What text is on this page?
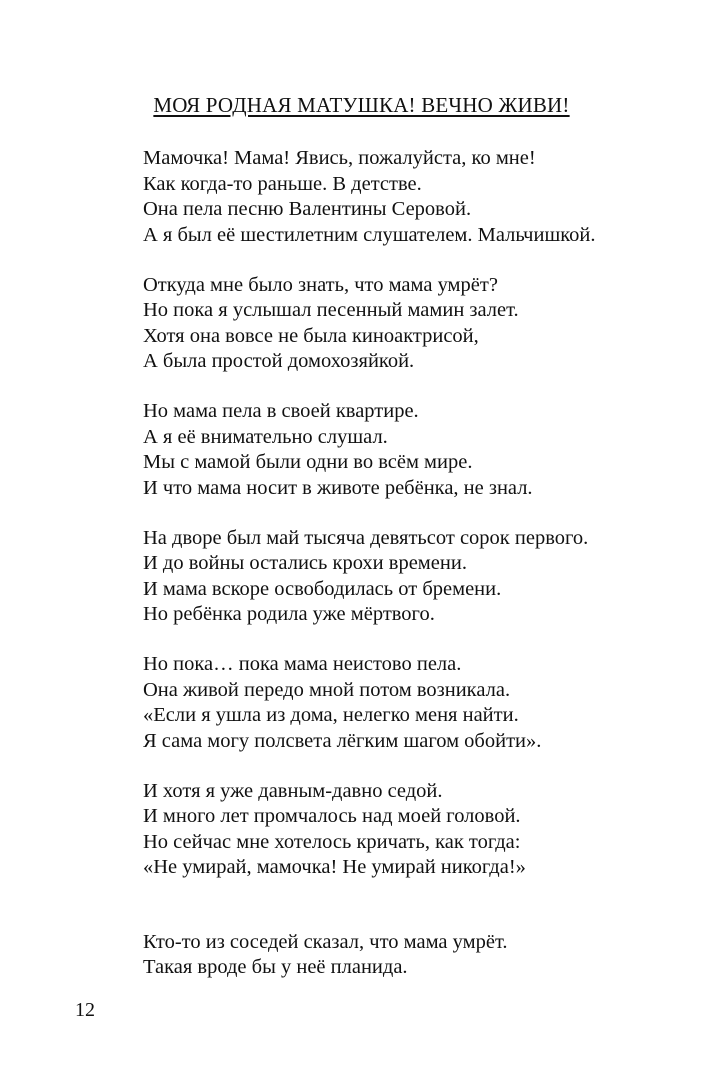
МОЯ РОДНАЯ МАТУШКА! ВЕЧНО ЖИВИ!
Мамочка! Мама! Явись, пожалуйста, ко мне!
Как когда-то раньше. В детстве.
Она пела песню Валентины Серовой.
А я был её шестилетним слушателем. Мальчишкой.
Откуда мне было знать, что мама умрёт?
Но пока я услышал песенный мамин залет.
Хотя она вовсе не была киноактрисой,
А была простой домохозяйкой.
Но мама пела в своей квартире.
А я её внимательно слушал.
Мы с мамой были одни во всём мире.
И что мама носит в животе ребёнка, не знал.
На дворе был май тысяча девятьсот сорок первого.
И до войны остались крохи времени.
И мама вскоре освободилась от бремени.
Но ребёнка родила уже мёртвого.
Но пока… пока мама неистово пела.
Она живой передо мной потом возникала.
«Если я ушла из дома, нелегко меня найти.
Я сама могу полсвета лёгким шагом обойти».
И хотя я уже давным-давно седой.
И много лет промчалось над моей головой.
Но сейчас мне хотелось кричать, как тогда:
«Не умирай, мамочка! Не умирай никогда!»
Кто-то из соседей сказал, что мама умрёт.
Такая вроде бы у неё планида.
12
